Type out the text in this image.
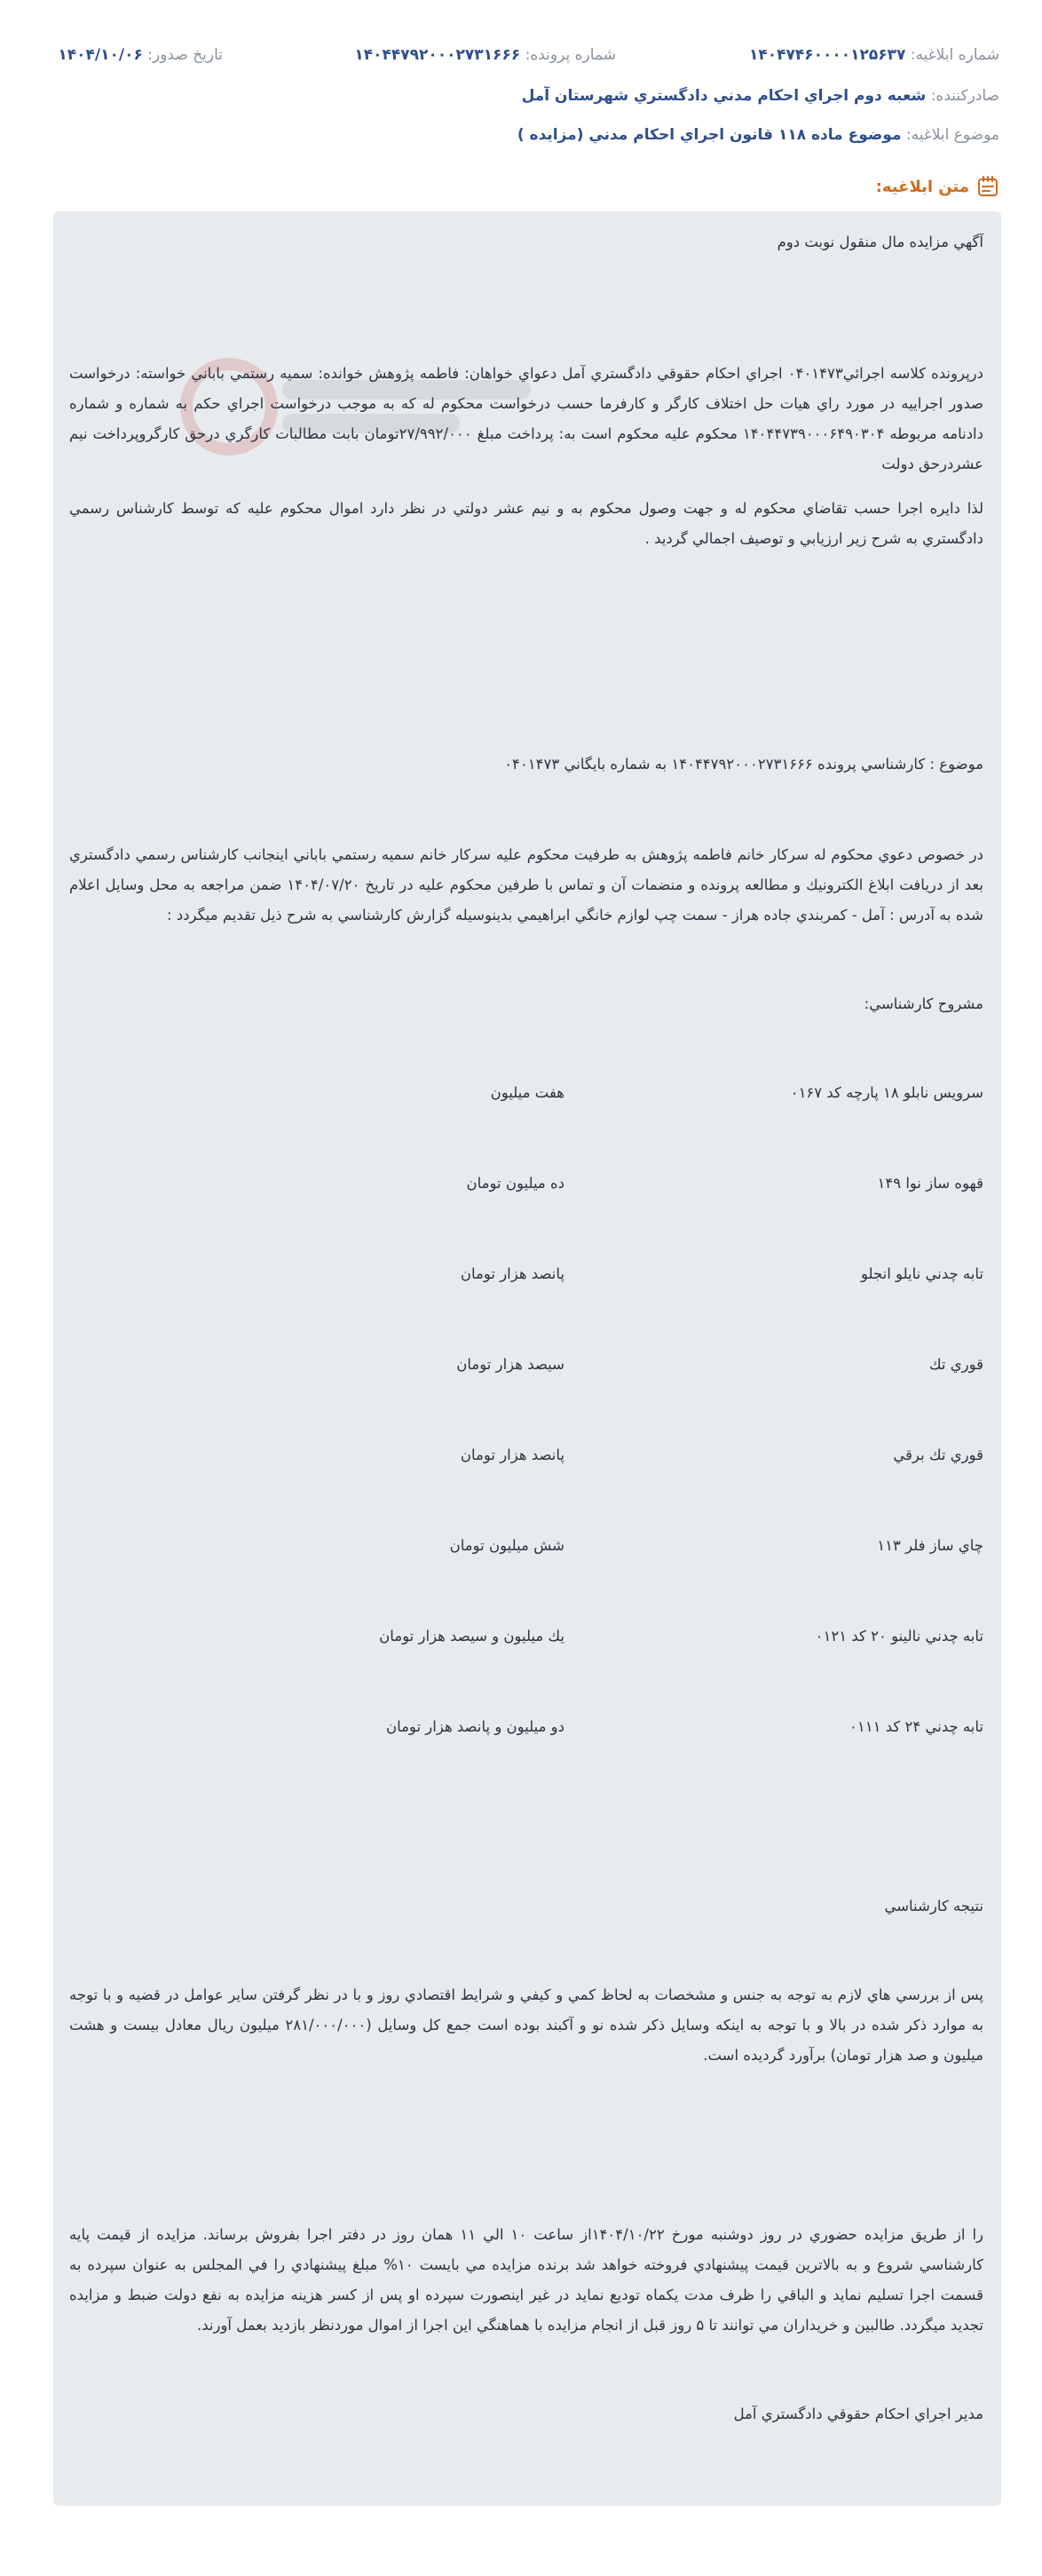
شماره ابلاغيه: ۱۴۰۴۷۴۶۰۰۰۰۱۲۵۶۳۷
شماره پرونده: ۱۴۰۴۴۷۹۲۰۰۰۲۷۳۱۶۶۶
تاريخ صدور: ۱۴۰۴/۱۰/۰۶
صادرکننده: شعبه دوم اجراي احكام مدني دادگستري شهرستان آمل
موضوع ابلاغيه: موضوع ماده ۱۱۸ قانون اجراي احكام مدني (مزايده )
متن ابلاغيه:
آگهي مزايده مال منقول نوبت دوم
درپرونده كلاسه اجرائي۰۴۰۱۴۷۳ اجراي احكام حقوقي دادگستري آمل دعواي خواهان: فاطمه پژوهش خوانده: سميه رستمي باباني خواسته: درخواست صدور اجراييه در مورد راي هيات حل اختلاف كارگر و كارفرما حسب درخواست محكوم له كه به موجب درخواست اجراي حكم به شماره و شماره دادنامه مربوطه ۱۴۰۴۴۷۳۹۰۰۰۶۴۹۰۳۰۴ محكوم عليه محكوم است به: پرداخت مبلغ ۲۷/۹۹۲/۰۰۰تومان بابت مطالبات كارگري درحق كارگروپرداخت نيم عشردرحق دولت
لذا دايره اجرا حسب تقاضاي محكوم له و جهت وصول محكوم به و نيم عشر دولتي در نظر دارد اموال محكوم عليه كه توسط كارشناس رسمي دادگستري به شرح زير ارزيابي و توصيف اجمالي گرديد .
موضوع : كارشناسي پرونده ۱۴۰۴۴۷۹۲۰۰۰۲۷۳۱۶۶۶ به شماره بايگاني ۰۴۰۱۴۷۳
در خصوص دعوي محكوم له سركار خانم فاطمه پژوهش به طرفيت محكوم عليه سركار خانم سميه رستمي باباني اينجانب كارشناس رسمي دادگستري بعد از دريافت ابلاغ الكترونيك و مطالعه پرونده و منضمات آن و تماس با طرفين محكوم عليه در تاريخ ۱۴۰۴/۰۷/۲۰ ضمن مراجعه به محل وسايل اعلام شده به آدرس : آمل - كمربندي جاده هراز - سمت چپ لوازم خانگي ابراهيمي بدينوسيله گزارش كارشناسي به شرح ذيل تقديم ميگردد :
مشروح كارشناسي:
سرويس نابلو ۱۸ پارچه كد ۰۱۶۷
هفت ميليون
قهوه ساز نوا ۱۴۹
ده ميليون تومان
تابه چدني نايلو انجلو
پانصد هزار تومان
قوري تك
سيصد هزار تومان
قوري تك برقي
پانصد هزار تومان
چاي ساز فلر ۱۱۳
شش ميليون تومان
تابه چدني نالينو ۲۰ كد ۰۱۲۱
يك ميليون و سيصد هزار تومان
تابه چدني ۲۴ كد ۰۱۱۱
دو ميليون و پانصد هزار تومان
نتيجه كارشناسي
پس از بررسي هاي لازم به توجه به جنس و مشخصات به لحاظ كمي و كيفي و شرايط اقتصادي روز و با در نظر گرفتن ساير عوامل در قضيه و با توجه به موارد ذكر شده در بالا و با توجه به اينكه وسايل ذكر شده نو و آكبند بوده است جمع كل وسايل (۲۸۱/۰۰۰/۰۰۰ ميليون ريال معادل بيست و هشت ميليون و صد هزار تومان) برآورد گرديده است.
را از طريق مزايده حضوري در روز دوشنبه مورخ ۱۴۰۴/۱۰/۲۲از ساعت ۱۰ الي ۱۱ همان روز در دفتر اجرا بفروش برساند. مزايده از قيمت پايه كارشناسي شروع و به بالاترين قيمت پيشنهادي فروخته خواهد شد برنده مزايده مي بايست ۱۰% مبلغ پيشنهادي را في المجلس به عنوان سپرده به قسمت اجرا تسليم نمايد و الباقي را ظرف مدت يكماه توديع نمايد در غير اينصورت سپرده او پس از كسر هزينه مزايده به نفع دولت ضبط و مزايده تجديد ميگردد. طالبين و خريداران مي توانند تا ۵ روز قبل از انجام مزايده با هماهنگي اين اجرا از اموال موردنظر بازديد بعمل آورند.
مدير اجراي احكام حقوقي دادگستري آمل
